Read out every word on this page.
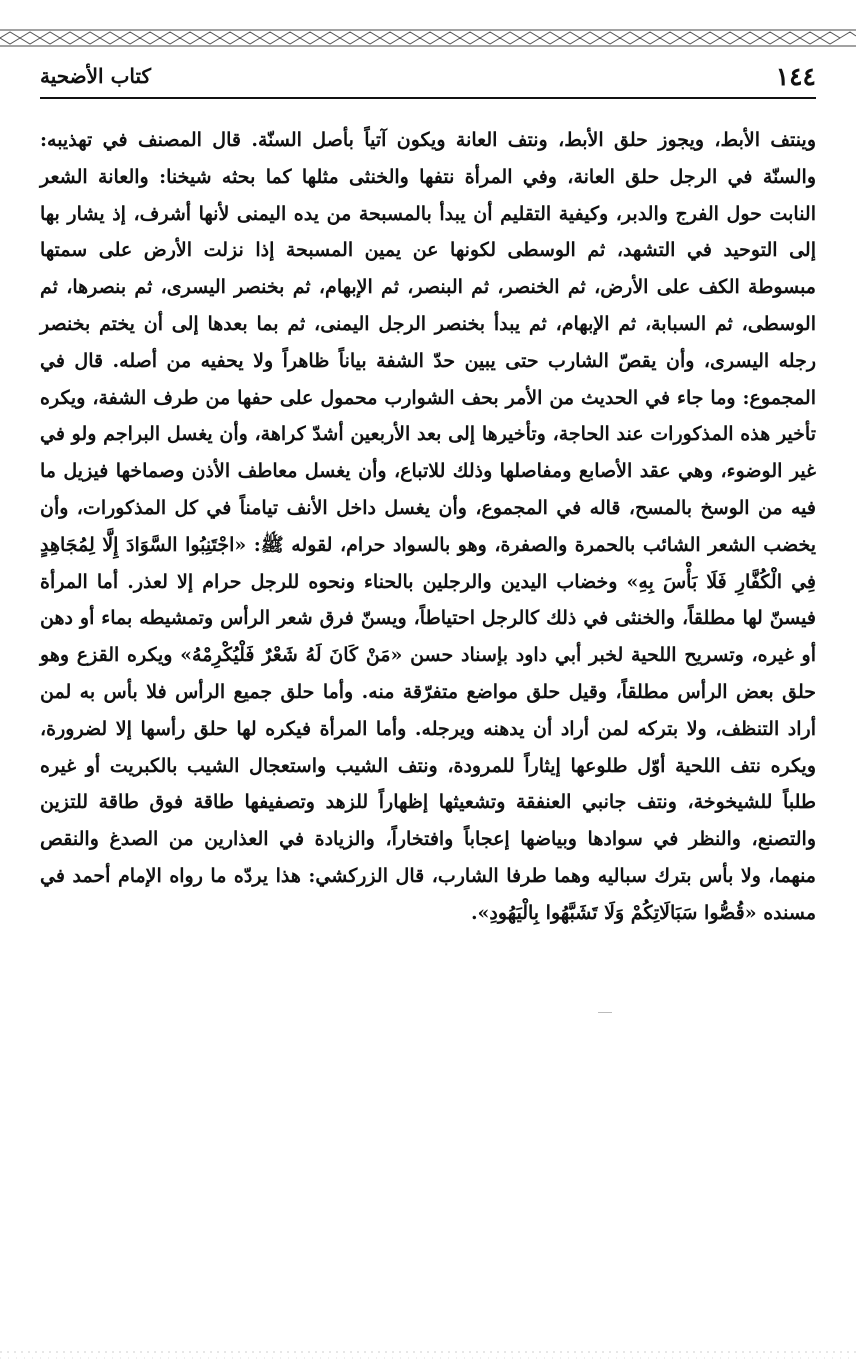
١٤٤
كتاب الأضحية

وينتف الأبط، ويجوز حلق الأبط، ونتف العانة ويكون آتياً بأصل السنّة. قال المصنف في تهذيبه: والسنّة في الرجل حلق العانة، وفي المرأة نتفها والخنثى مثلها كما بحثه شيخنا: والعانة الشعر النابت حول الفرج والدبر، وكيفية التقليم أن يبدأ بالمسبحة من يده اليمنى لأنها أشرف، إذ يشار بها إلى التوحيد في التشهد، ثم الوسطى لكونها عن يمين المسبحة إذا نزلت الأرض على سمتها مبسوطة الكف على الأرض، ثم الخنصر، ثم البنصر، ثم الإبهام، ثم بخنصر اليسرى، ثم بنصرها، ثم الوسطى، ثم السبابة، ثم الإبهام، ثم يبدأ بخنصر الرجل اليمنى، ثم بما بعدها إلى أن يختم بخنصر رجله اليسرى، وأن يقصّ الشارب حتى يبين حدّ الشفة بياناً ظاهراً ولا يحفيه من أصله. قال في المجموع: وما جاء في الحديث من الأمر بحف الشوارب محمول على حفها من طرف الشفة، ويكره تأخير هذه المذكورات عند الحاجة، وتأخيرها إلى بعد الأربعين أشدّ كراهة، وأن يغسل البراجم ولو في غير الوضوء، وهي عقد الأصابع ومفاصلها وذلك للاتباع، وأن يغسل معاطف الأذن وصماخها فيزيل ما فيه من الوسخ بالمسح، قاله في المجموع، وأن يغسل داخل الأنف تيامناً في كل المذكورات، وأن يخضب الشعر الشائب بالحمرة والصفرة، وهو بالسواد حرام، لقوله ﷺ: «اجْتَنِبُوا السَّوَادَ إِلَّا لِمُجَاهِدٍ فِي الْكُفَّارِ فَلَا بَأْسَ بِهِ» وخضاب اليدين والرجلين بالحناء ونحوه للرجل حرام إلا لعذر. أما المرأة فيسنّ لها مطلقاً، والخنثى في ذلك كالرجل احتياطاً، ويسنّ فرق شعر الرأس وتمشيطه بماء أو دهن أو غيره، وتسريح اللحية لخبر أبي داود بإسناد حسن «مَنْ كَانَ لَهُ شَعْرٌ فَلْيُكْرِمْهُ» ويكره القزع وهو حلق بعض الرأس مطلقاً، وقيل حلق مواضع متفرّقة منه. وأما حلق جميع الرأس فلا بأس به لمن أراد التنظف، ولا بتركه لمن أراد أن يدهنه ويرجله. وأما المرأة فيكره لها حلق رأسها إلا لضرورة، ويكره نتف اللحية أوّل طلوعها إيثاراً للمرودة، ونتف الشيب واستعجال الشيب بالكبريت أو غيره طلباً للشيخوخة، ونتف جانبي العنفقة وتشعيثها إظهاراً للزهد وتصفيفها طاقة فوق طاقة للتزين والتصنع، والنظر في سوادها وبياضها إعجاباً وافتخاراً، والزيادة في العذارين من الصدغ والنقص منهما، ولا بأس بترك سباليه وهما طرفا الشارب، قال الزركشي: هذا يردّه ما رواه الإمام أحمد في مسنده «قُصُّوا سَبَالَاتِكُمْ وَلَا تَشَبَّهُوا بِالْيَهُودِ».
